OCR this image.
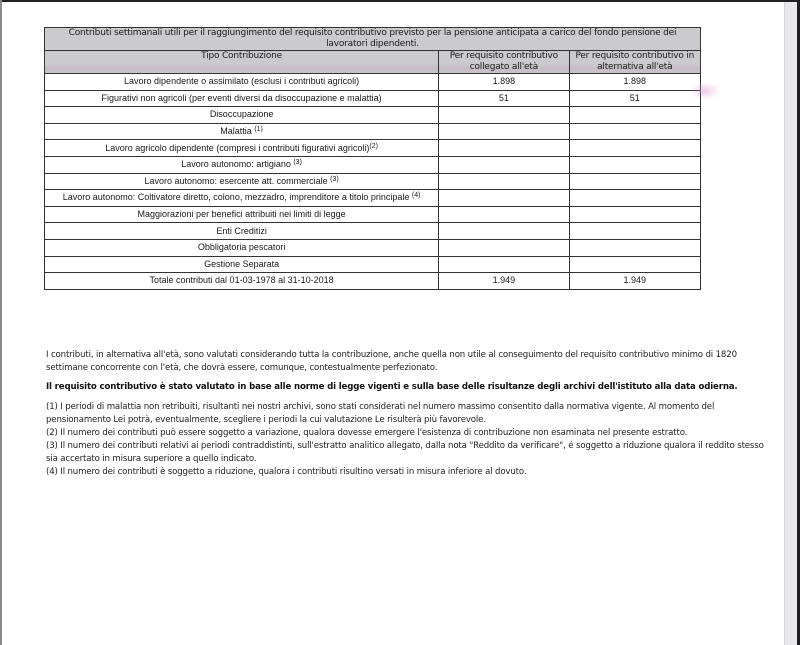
Contributi settimanali utili per il raggiungimento del requisito contributivo previsto per la pensione anticipata a carico del fondo pensione dei lavoratori dipendenti.		
Tipo Contribuzione	Per requisito contributivo collegato all'età	Per requisito contributivo in alternativa all'età
Lavoro dipendente o assimilato (esclusi i contributi agricoli)	1.898	1.898
Figurativi non agricoli (per eventi diversi da disoccupazione e malattia)	51	51
Disoccupazione		
Malattia $^{(1)}$		
Lavoro agricolo dipendente (compresi i contributi figurativi agricoli)$^{(2)}$		
Lavoro autonomo: artigiano $^{(3)}$		
Lavoro autonomo: esercente att. commerciale $^{(3)}$		
Lavoro autonomo: Coltivatore diretto, colono, mezzadro, imprenditore a titolo principale $^{(4)}$		
Maggiorazioni per benefici attribuiti nei limiti di legge		
Enti Creditizi		
Obbligatoria pescatori		
Gestione Separata		
Totale contributi dal 01-03-1978 al 31-10-2018	1.949	1.949

I contributi, in alternativa all'età, sono valutati considerando tutta la contribuzione, anche quella non utile al conseguimento del requisito contributivo minimo di 1820 settimane concorrente con l'età, che dovrà essere, comunque, contestualmente perfezionato.

Il requisito contributivo è stato valutato in base alle norme di legge vigenti e sulla base delle risultanze degli archivi dell'istituto alla data odierna.

(1) I periodi di malattia non retribuiti, risultanti nei nostri archivi, sono stati considerati nel numero massimo consentito dalla normativa vigente. Al momento del pensionamento Lei potrà, eventualmente, scegliere i periodi la cui valutazione Le risulterà più favorevole.

(2) Il numero dei contributi può essere soggetto a variazione, qualora dovesse emergere l'esistenza di contribuzione non esaminata nel presente estratto.

(3) Il numero dei contributi relativi ai periodi contraddistinti, sull'estratto analitico allegato, dalla nota "Reddito da verificare", é soggetto a riduzione qualora il reddito stesso sia accertato in misura superiore a quello indicato.

(4) Il numero dei contributi è soggetto a riduzione, qualora i contributi risultino versati in misura inferiore al dovuto.
